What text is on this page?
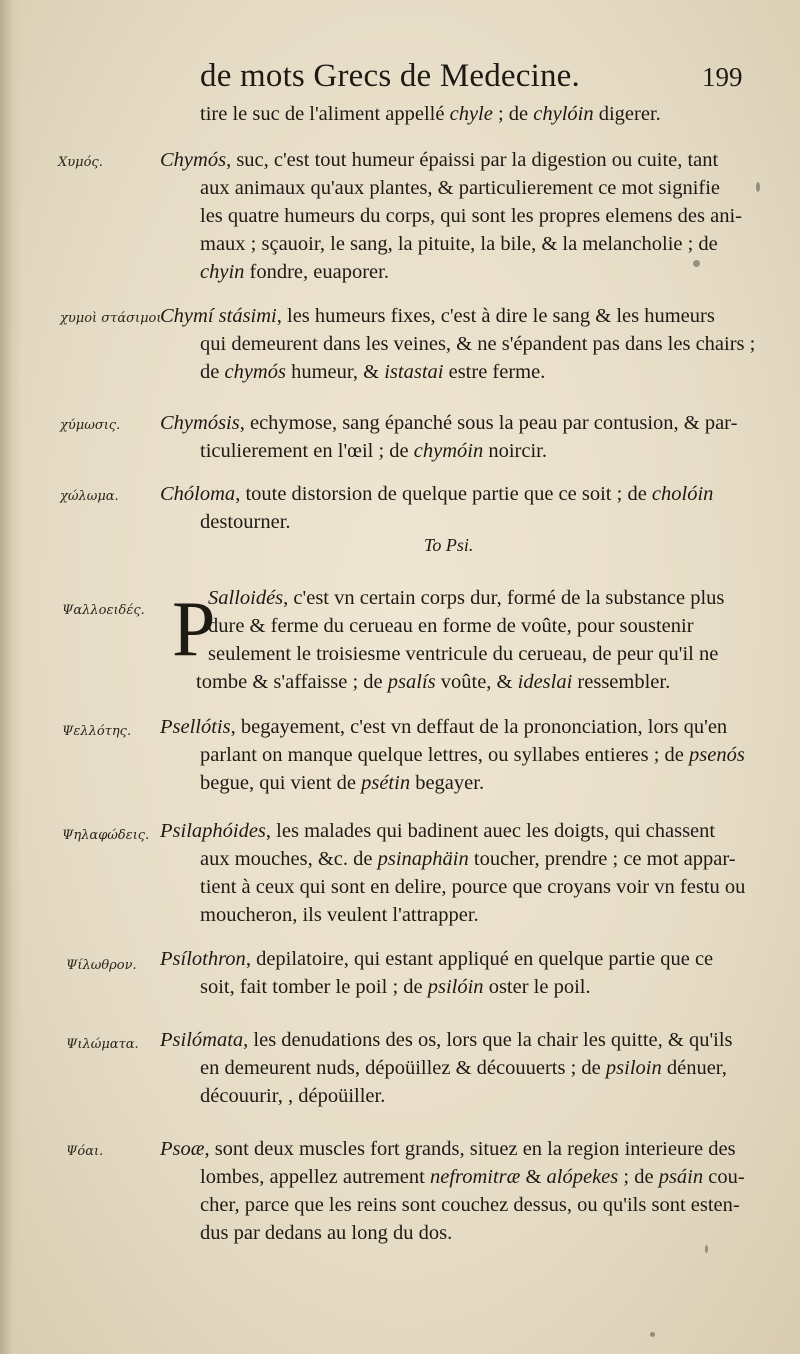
de mots Grecs de Medecine.	199
tire le suc de l'aliment appellé chyle ; de chylóin digerer.
Χυμός.	Chymós, suc, c'est tout humeur épaissi par la digestion ou cuite, tant
aux animaux qu'aux plantes, & particulierement ce mot signifie
les quatre humeurs du corps, qui sont les propres elemens des ani-
maux ; sçauoir, le sang, la pituite, la bile, & la melancholie ; de
chyin fondre, euaporer.
χυμοὶ στάσιμοι
Chymí stásimi, les humeurs fixes, c'est à dire le sang & les humeurs
qui demeurent dans les veines, & ne s'épandent pas dans les chairs ;
de chymós humeur, & istastai estre ferme.
χύμωσις. Chymósis, echymose, sang épanché sous la peau par contusion, & par-
ticulierement en l'œil ; de chymóin noircir.
χώλωμα. Chóloma, toute distorsion de quelque partie que ce soit ; de cholóin
destourner.
To Psi.
Ψαλλοειδές. P
Salloidés, c'est vn certain corps dur, formé de la substance plus
dure & ferme du cerueau en forme de voûte, pour soustenir
seulement le troisiesme ventricule du cerueau, de peur qu'il ne
tombe & s'affaisse ; de psalís voûte, & ideslai ressembler.
Ψελλότης. Psellótis, begayement, c'est vn deffaut de la prononciation, lors qu'en
parlant on manque quelque lettres, ou syllabes entieres ; de psenós
begue, qui vient de psétin begayer.
Ψηλαφώδεις. Psilaphóides, les malades qui badinent auec les doigts, qui chassent
aux mouches, &c. de psinaphäin toucher, prendre ; ce mot appar-
tient à ceux qui sont en delire, pource que croyans voir vn festu ou
moucheron, ils veulent l'attrapper.
Ψίλωθρον. Psílothron, depilatoire, qui estant appliqué en quelque partie que ce
soit, fait tomber le poil ; de psilóin oster le poil.
Ψιλώματα. Psilómata, les denudations des os, lors que la chair les quitte, & qu'ils
en demeurent nuds, dépoüillez & découuerts ; de psiloin dénuer,
découurir, , dépoüiller.
Ψόαι.	Psoæ, sont deux muscles fort grands, situez en la region interieure des
lombes, appellez autrement nefromitræ & alópekes ; de psáin cou-
cher, parce que les reins sont couchez dessus, ou qu'ils sont esten-
dus par dedans au long du dos.
